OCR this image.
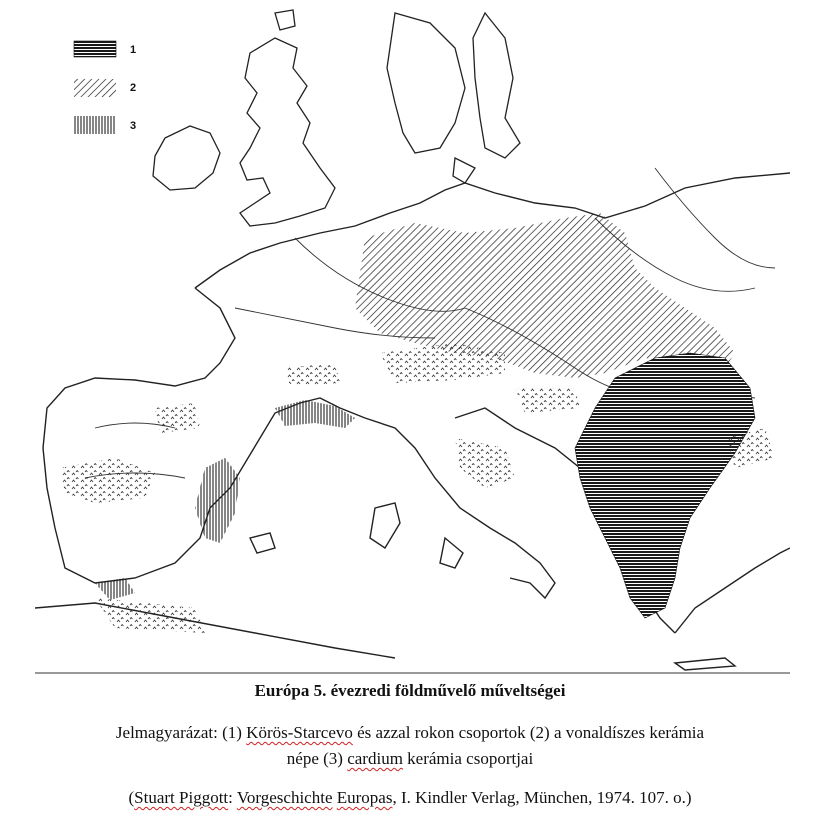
1
2
3
Európa 5. évezredi földművelő műveltségei
Jelmagyarázat: (1) Körös-Starcevo és azzal rokon csoportok (2) a vonaldíszes kerámia
népe (3) cardium kerámia csoportjai
(Stuart Piggott: Vorgeschichte Europas, I. Kindler Verlag, München, 1974. 107. o.)
